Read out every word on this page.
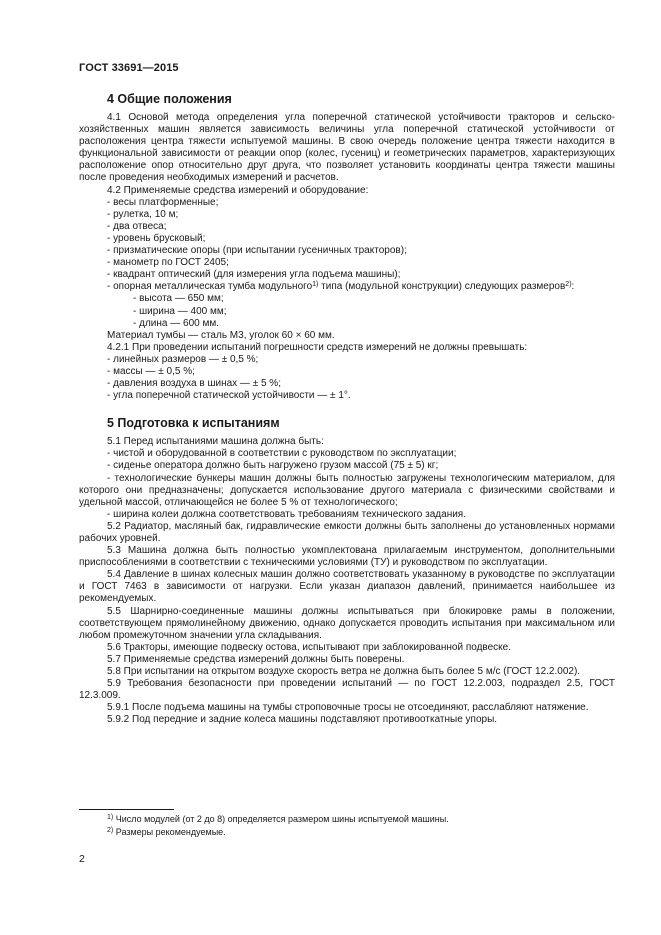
ГОСТ 33691—2015
4 Общие положения

4.1 Основой метода определения угла поперечной статической устойчивости тракторов и сельскохозяйственных машин является зависимость величины угла поперечной статической устойчивости от расположения центра тяжести испытуемой машины. В свою очередь положение центра тяжести находится в функциональной зависимости от реакции опор (колес, гусениц) и геометрических параметров, характеризующих расположение опор относительно друг друга, что позволяет установить координаты центра тяжести машины после проведения необходимых измерений и расчетов.

4.2 Применяемые средства измерений и оборудование:

- весы платформенные;

- рулетка, 10 м;

- два отвеса;

- уровень брусковый;

- призматические опоры (при испытании гусеничных тракторов);

- манометр по ГОСТ 2405;

- квадрант оптический (для измерения угла подъема машины);

- опорная металлическая тумба модульного$^{1)}$ типа (модульной конструкции) следующих размеров$^{2)}$:

- высота — 650 мм;

- ширина — 400 мм;

- длина — 600 мм.

Материал тумбы — сталь М3, уголок 60 × 60 мм.

4.2.1 При проведении испытаний погрешности средств измерений не должны превышать:

- линейных размеров — ± 0,5 %;

- массы — ± 0,5 %;

- давления воздуха в шинах — ± 5 %;

- угла поперечной статической устойчивости — ± 1°.

5 Подготовка к испытаниям

5.1 Перед испытаниями машина должна быть:

- чистой и оборудованной в соответствии с руководством по эксплуатации;

- сиденье оператора должно быть нагружено грузом массой (75 ± 5) кг;

- технологические бункеры машин должны быть полностью загружены технологическим материалом, для которого они предназначены; допускается использование другого материала с физическими свойствами и удельной массой, отличающейся не более 5 % от технологического;

- ширина колеи должна соответствовать требованиям технического задания.

5.2 Радиатор, масляный бак, гидравлические емкости должны быть заполнены до установленных нормами рабочих уровней.

5.3 Машина должна быть полностью укомплектована прилагаемым инструментом, дополнительными приспособлениями в соответствии с техническими условиями (ТУ) и руководством по эксплуатации.

5.4 Давление в шинах колесных машин должно соответствовать указанному в руководстве по эксплуатации и ГОСТ 7463 в зависимости от нагрузки. Если указан диапазон давлений, принимается наибольшее из рекомендуемых.

5.5 Шарнирно-соединенные машины должны испытываться при блокировке рамы в положении, соответствующем прямолинейному движению, однако допускается проводить испытания при максимальном или любом промежуточном значении угла складывания.

5.6 Тракторы, имеющие подвеску остова, испытывают при заблокированной подвеске.

5.7 Применяемые средства измерений должны быть поверены.

5.8 При испытании на открытом воздухе скорость ветра не должна быть более 5 м/с (ГОСТ 12.2.002).

5.9 Требования безопасности при проведении испытаний — по ГОСТ 12.2.003, подраздел 2.5, ГОСТ 12.3.009.

5.9.1 После подъема машины на тумбы строповочные тросы не отсоединяют, расслабляют натяжение.

5.9.2 Под передние и задние колеса машины подставляют противооткатные упоры.

$^{1)}$ Число модулей (от 2 до 8) определяется размером шины испытуемой машины.
$^{2)}$ Размеры рекомендуемые.
2
